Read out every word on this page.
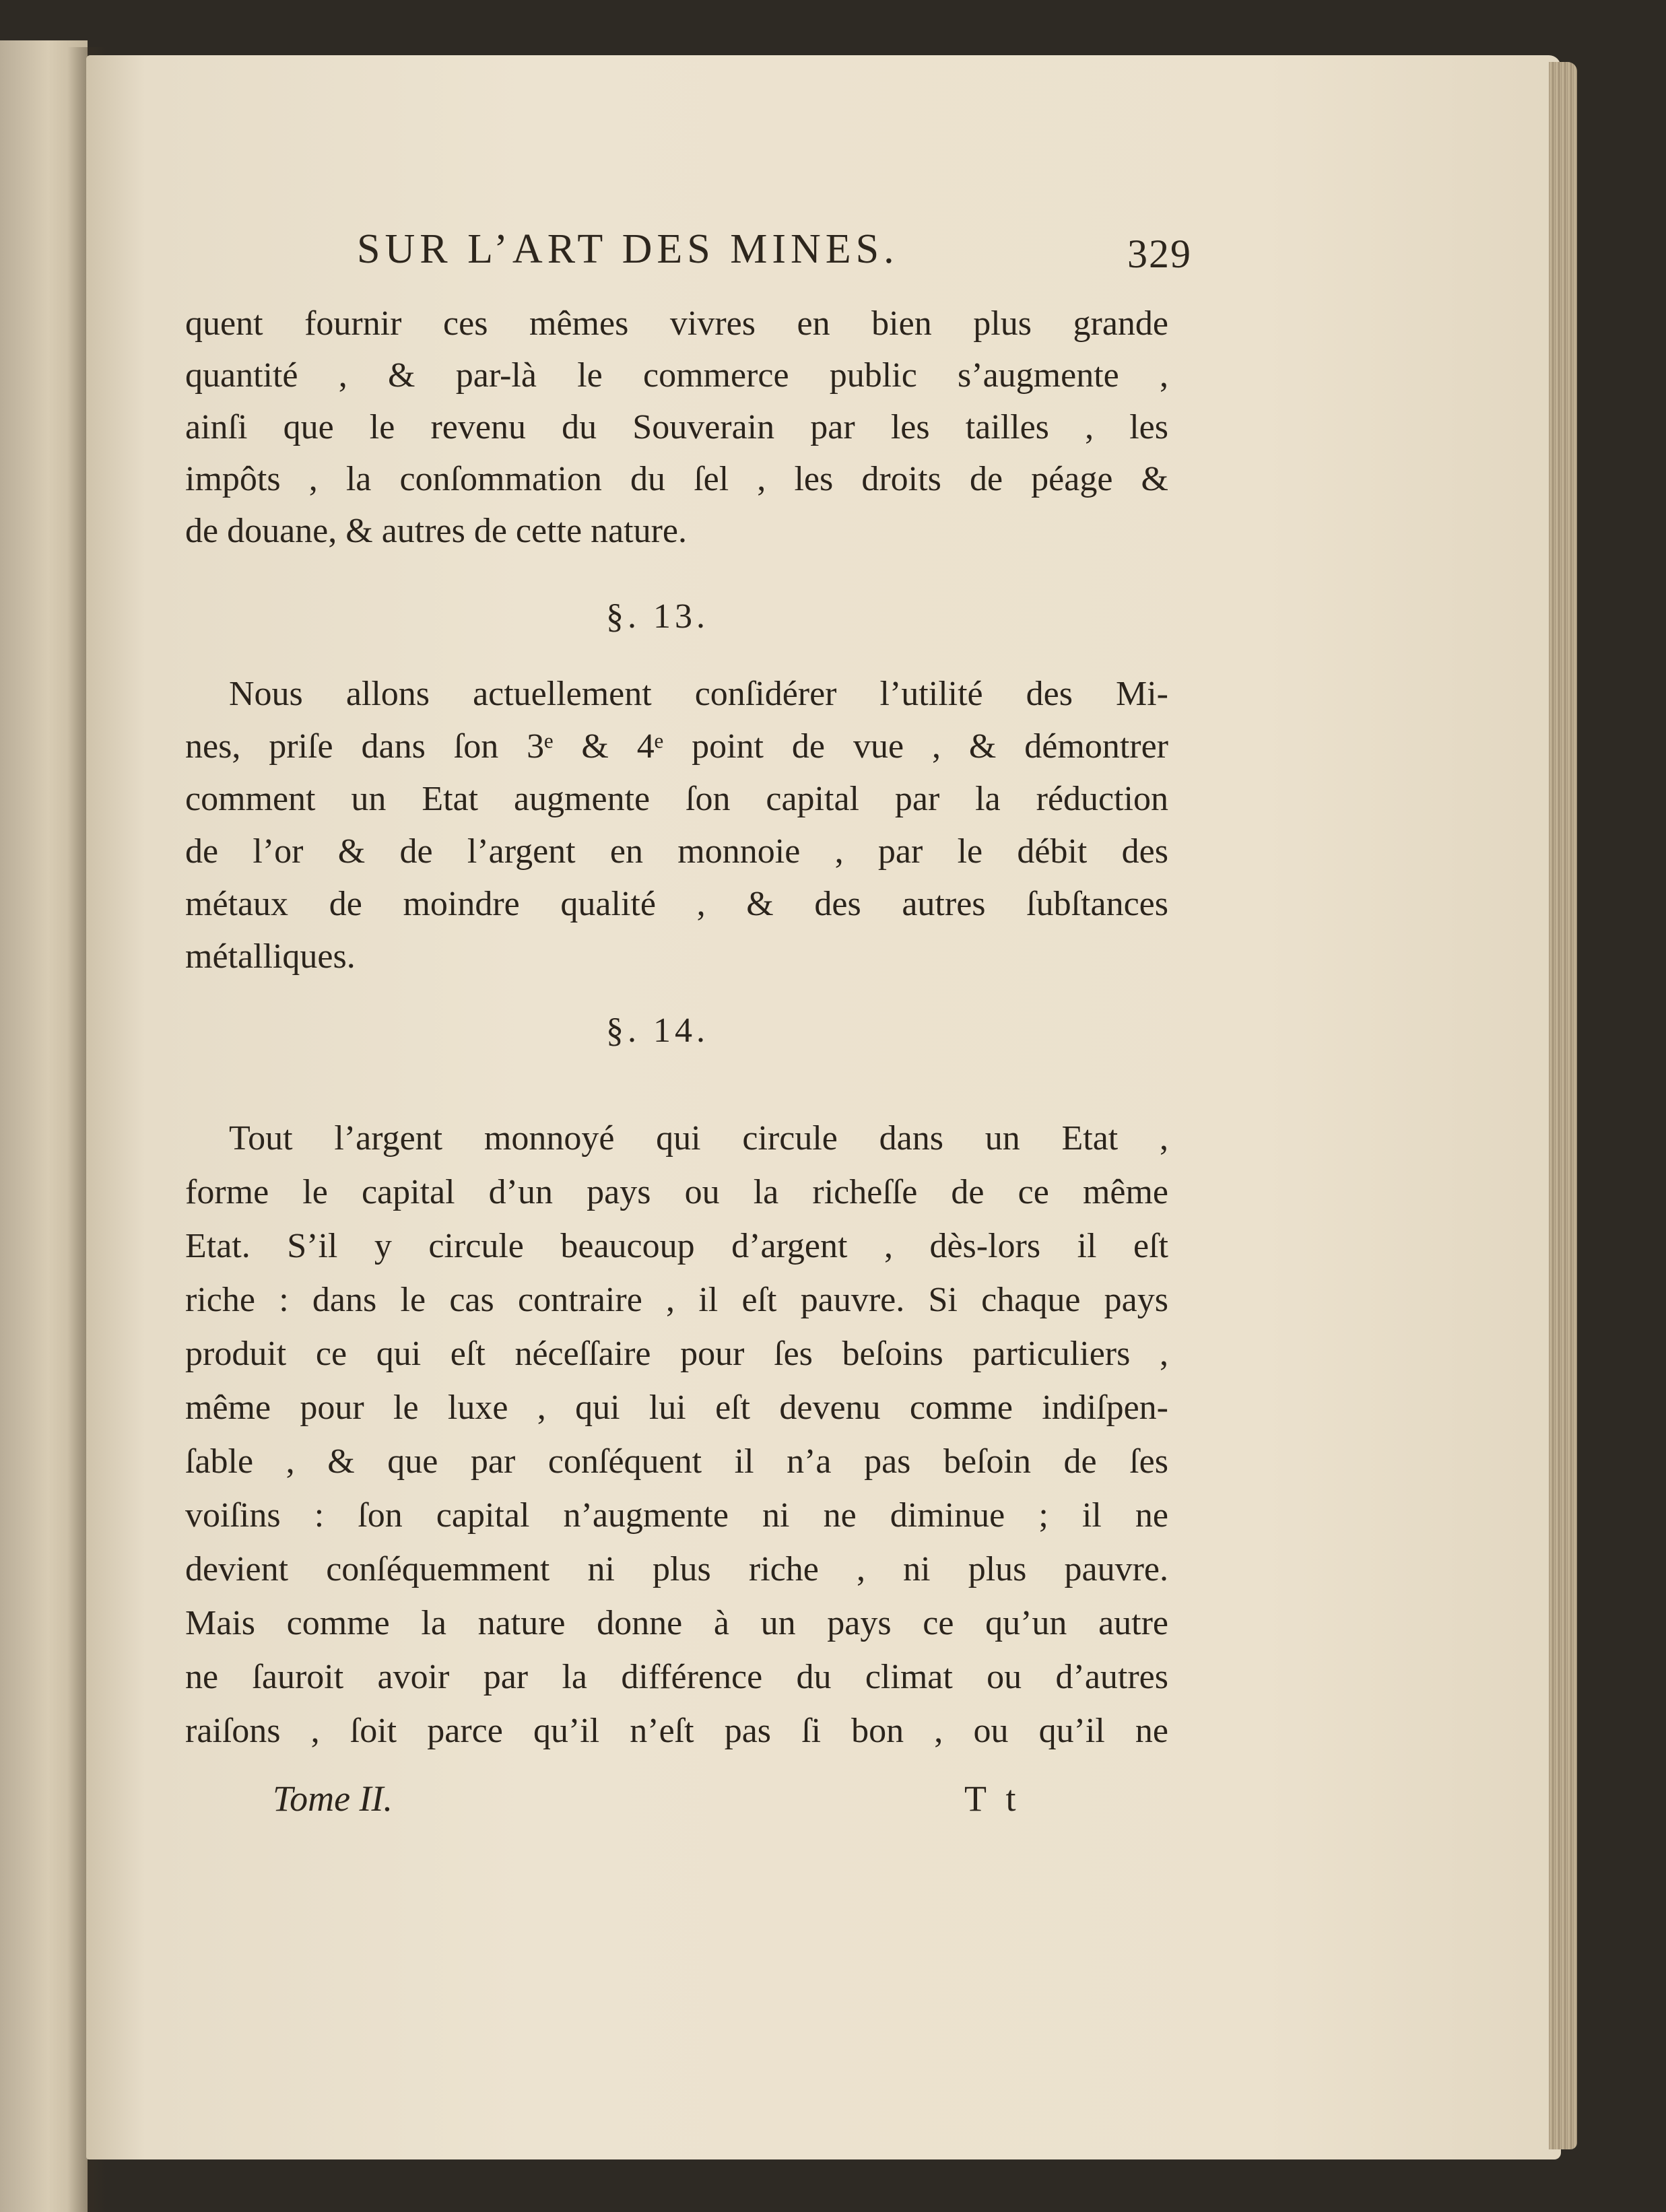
SUR L’ART DES MINES.	329
quent fournir ces mêmes vivres en bien plus grande
quantité , & par-là le commerce public s’augmente ,
ainſi que le revenu du Souverain par les tailles , les
impôts , la conſommation du ſel , les droits de péage &
de douane, & autres de cette nature.
§. 13.
Nous allons actuellement conſidérer l’utilité des Mi-
nes, priſe dans ſon 3ᵉ & 4ᵉ point de vue , & démontrer
comment un Etat augmente ſon capital par la réduction
de l’or & de l’argent en monnoie , par le débit des
métaux de moindre qualité , & des autres ſubſtances
métalliques.
§. 14.
Tout l’argent monnoyé qui circule dans un Etat ,
forme le capital d’un pays ou la richeſſe de ce même
Etat. S’il y circule beaucoup d’argent , dès-lors il eſt
riche : dans le cas contraire , il eſt pauvre. Si chaque pays
produit ce qui eſt néceſſaire pour ſes beſoins particuliers ,
même pour le luxe , qui lui eſt devenu comme indiſpen-
ſable , & que par conſéquent il n’a pas beſoin de ſes
voiſins : ſon capital n’augmente ni ne diminue ; il ne
devient conſéquemment ni plus riche , ni plus pauvre.
Mais comme la nature donne à un pays ce qu’un autre
ne ſauroit avoir par la différence du climat ou d’autres
raiſons , ſoit parce qu’il n’eſt pas ſi bon , ou qu’il ne
Tome II.	T t
